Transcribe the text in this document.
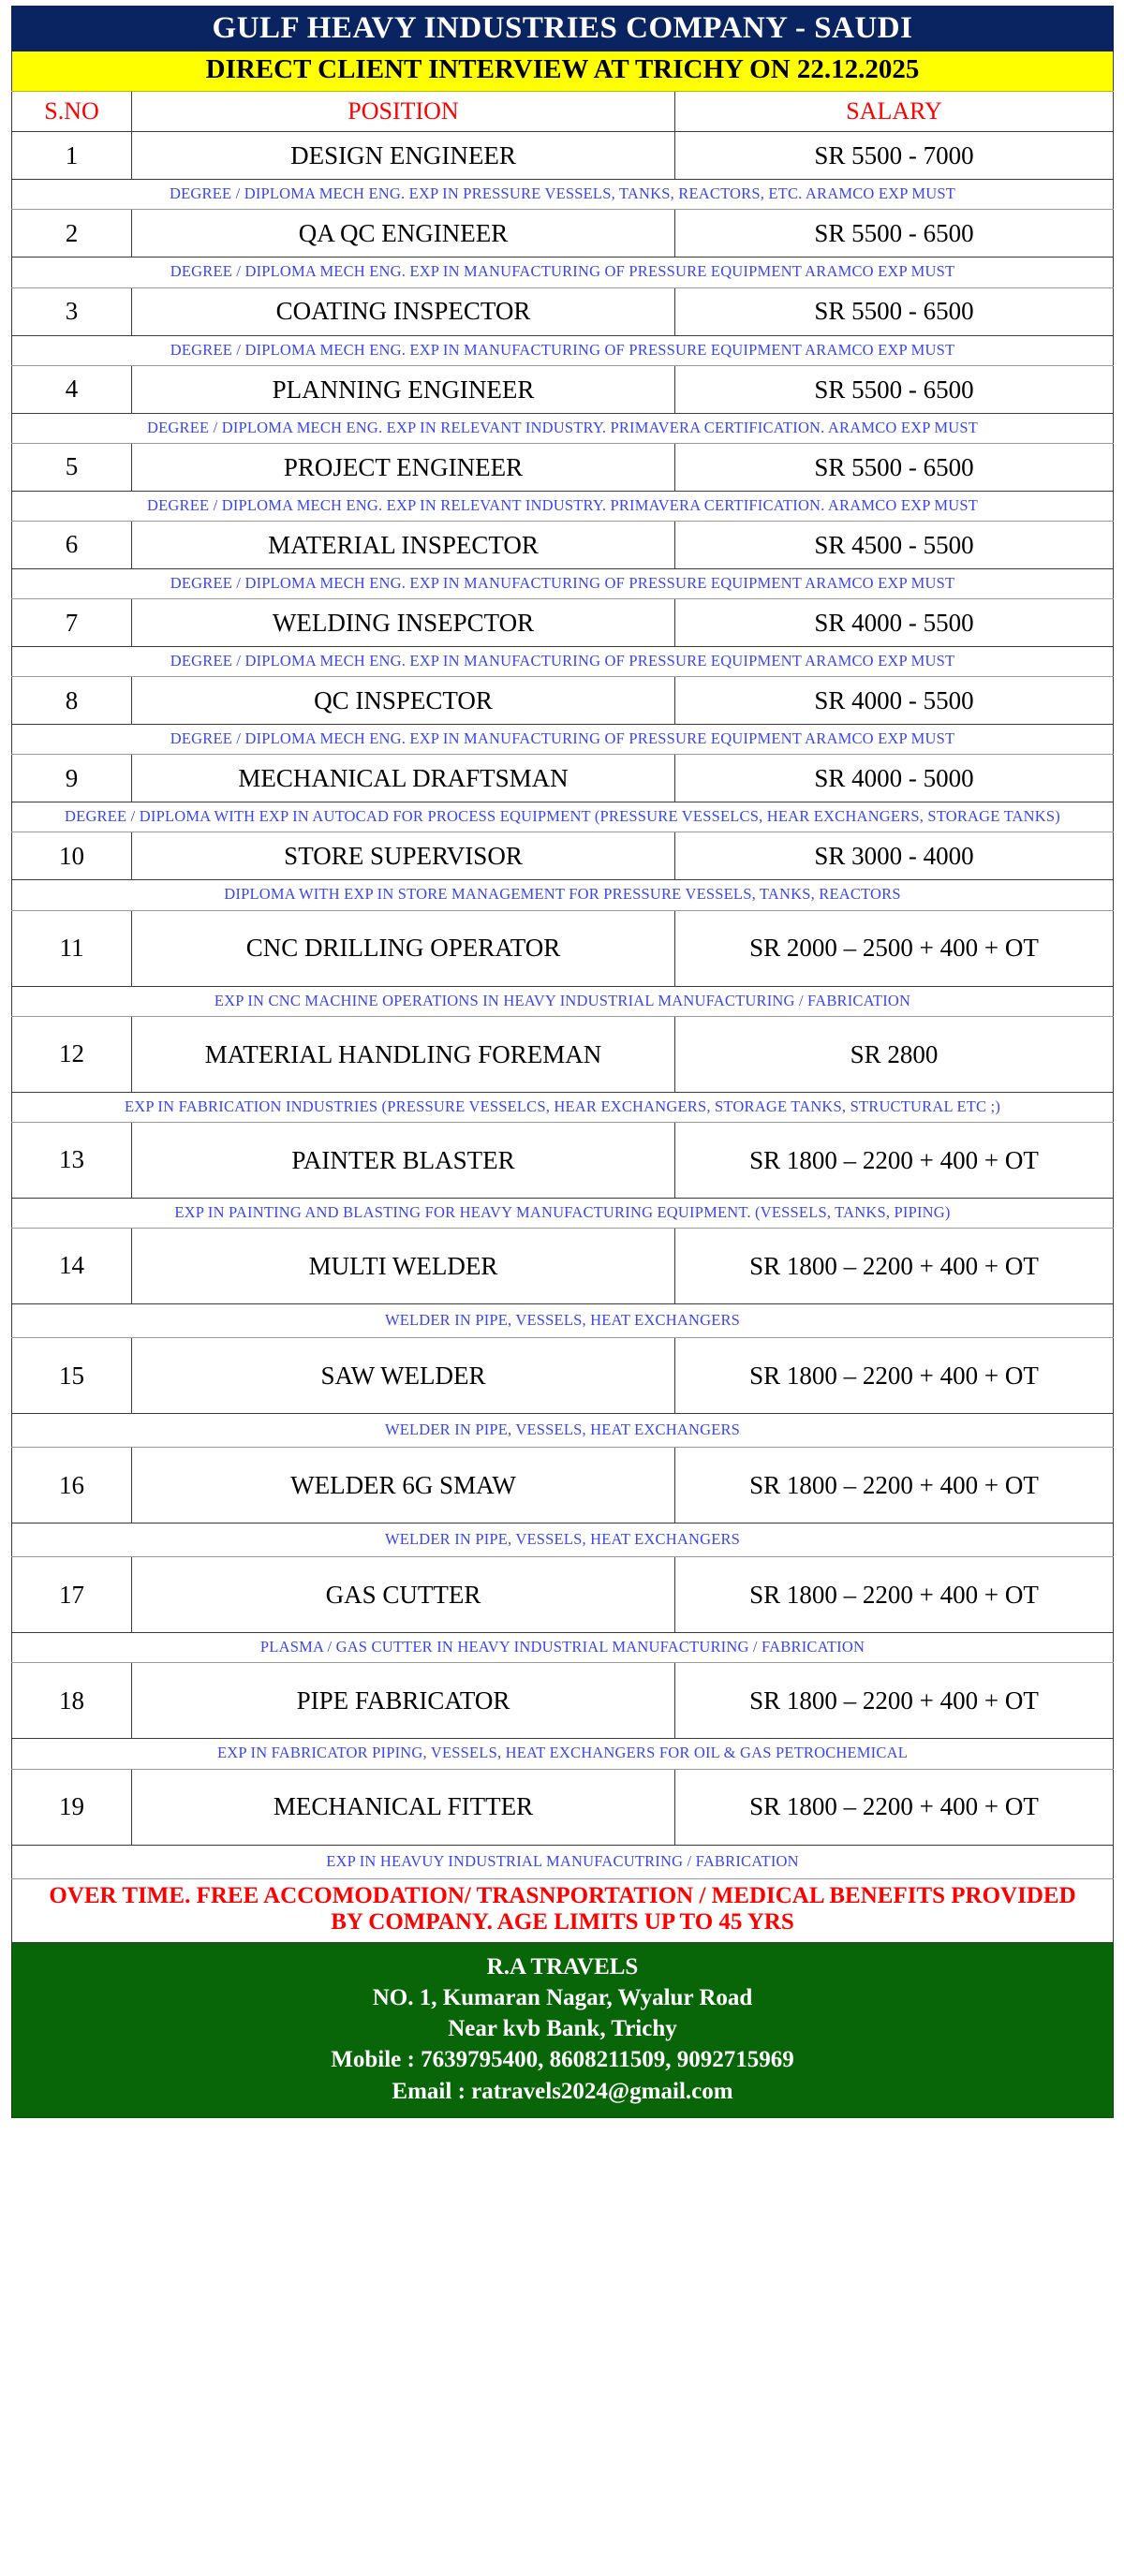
GULF HEAVY INDUSTRIES COMPANY - SAUDI		
DIRECT CLIENT INTERVIEW AT TRICHY ON 22.12.2025		
S.NO	POSITION	SALARY
1	DESIGN ENGINEER	SR 5500 - 7000
DEGREE / DIPLOMA MECH ENG. EXP IN PRESSURE VESSELS, TANKS, REACTORS, ETC. ARAMCO EXP MUST		
2	QA QC ENGINEER	SR 5500 - 6500
DEGREE / DIPLOMA MECH ENG. EXP IN MANUFACTURING OF PRESSURE EQUIPMENT ARAMCO EXP MUST		
3	COATING INSPECTOR	SR 5500 - 6500
DEGREE / DIPLOMA MECH ENG. EXP IN MANUFACTURING OF PRESSURE EQUIPMENT ARAMCO EXP MUST		
4	PLANNING ENGINEER	SR 5500 - 6500
DEGREE / DIPLOMA MECH ENG. EXP IN RELEVANT INDUSTRY. PRIMAVERA CERTIFICATION. ARAMCO EXP MUST		
5	PROJECT ENGINEER	SR 5500 - 6500
DEGREE / DIPLOMA MECH ENG. EXP IN RELEVANT INDUSTRY. PRIMAVERA CERTIFICATION. ARAMCO EXP MUST		
6	MATERIAL INSPECTOR	SR 4500 - 5500
DEGREE / DIPLOMA MECH ENG. EXP IN MANUFACTURING OF PRESSURE EQUIPMENT ARAMCO EXP MUST		
7	WELDING INSEPCTOR	SR 4000 - 5500
DEGREE / DIPLOMA MECH ENG. EXP IN MANUFACTURING OF PRESSURE EQUIPMENT ARAMCO EXP MUST		
8	QC INSPECTOR	SR 4000 - 5500
DEGREE / DIPLOMA MECH ENG. EXP IN MANUFACTURING OF PRESSURE EQUIPMENT ARAMCO EXP MUST		
9	MECHANICAL DRAFTSMAN	SR 4000 - 5000
DEGREE / DIPLOMA WITH EXP IN AUTOCAD FOR PROCESS EQUIPMENT (PRESSURE VESSELCS, HEAR EXCHANGERS, STORAGE TANKS)		
10	STORE SUPERVISOR	SR 3000 - 4000
DIPLOMA WITH EXP IN STORE MANAGEMENT FOR PRESSURE VESSELS, TANKS, REACTORS		
11	CNC DRILLING OPERATOR	SR 2000 – 2500 + 400 + OT
EXP IN CNC MACHINE OPERATIONS IN HEAVY INDUSTRIAL MANUFACTURING / FABRICATION		
12	MATERIAL HANDLING FOREMAN	SR 2800
EXP IN FABRICATION INDUSTRIES (PRESSURE VESSELCS, HEAR EXCHANGERS, STORAGE TANKS, STRUCTURAL ETC ;)		
13	PAINTER BLASTER	SR 1800 – 2200 + 400 + OT
EXP IN PAINTING AND BLASTING FOR HEAVY MANUFACTURING EQUIPMENT. (VESSELS, TANKS, PIPING)		
14	MULTI WELDER	SR 1800 – 2200 + 400 + OT
WELDER IN PIPE, VESSELS, HEAT EXCHANGERS		
15	SAW WELDER	SR 1800 – 2200 + 400 + OT
WELDER IN PIPE, VESSELS, HEAT EXCHANGERS		
16	WELDER 6G SMAW	SR 1800 – 2200 + 400 + OT
WELDER IN PIPE, VESSELS, HEAT EXCHANGERS		
17	GAS CUTTER	SR 1800 – 2200 + 400 + OT
PLASMA / GAS CUTTER IN HEAVY INDUSTRIAL MANUFACTURING / FABRICATION		
18	PIPE FABRICATOR	SR 1800 – 2200 + 400 + OT
EXP IN FABRICATOR PIPING, VESSELS, HEAT EXCHANGERS FOR OIL & GAS PETROCHEMICAL		
19	MECHANICAL FITTER	SR 1800 – 2200 + 400 + OT
EXP IN HEAVUY INDUSTRIAL MANUFACUTRING / FABRICATION		
OVER TIME. FREE ACCOMODATION/ TRASNPORTATION / MEDICAL BENEFITS PROVIDED BY COMPANY. AGE LIMITS UP TO 45 YRS		

R.A TRAVELS
NO. 1, Kumaran Nagar, Wyalur Road
Near kvb Bank, Trichy
Mobile : 7639795400, 8608211509, 9092715969
Email : ratravels2024@gmail.com		
